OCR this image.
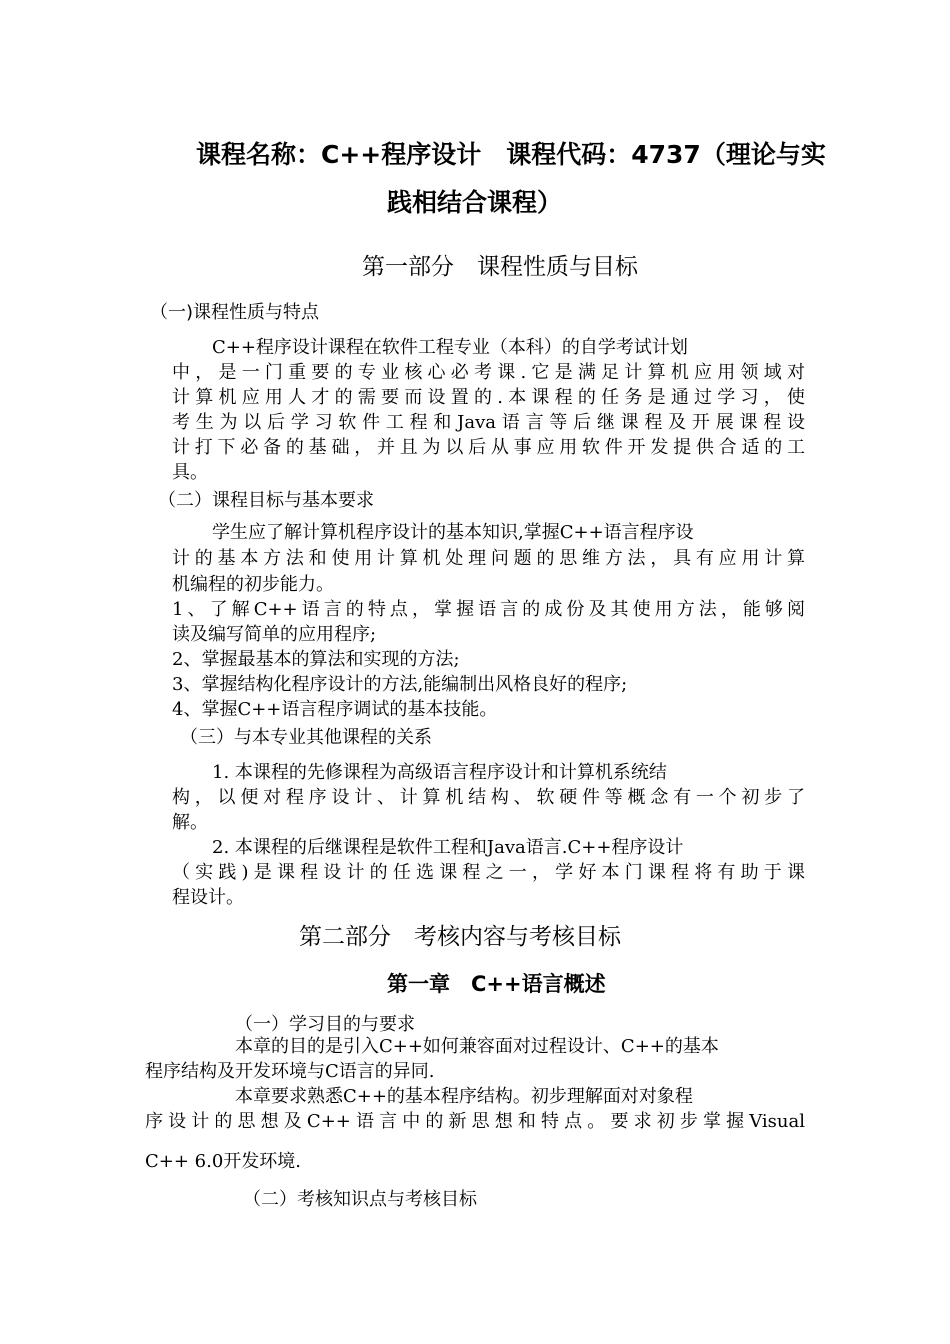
课程名称：C++程序设计　课程代码：4737（理论与实

践相结合课程）

第一部分　课程性质与目标

（一)课程性质与特点

C++程序设计课程在软件工程专业（本科）的自学考试计划

中，是一门重要的专业核心必考课.它是满足计算机应用领域对

计算机应用人才的需要而设置的.本课程的任务是通过学习，使

考生为以后学习软件工程和Java语言等后继课程及开展课程设

计打下必备的基础，并且为以后从事应用软件开发提供合适的工

具。

（二）课程目标与基本要求

学生应了解计算机程序设计的基本知识,掌握C++语言程序设

计的基本方法和使用计算机处理问题的思维方法，具有应用计算

机编程的初步能力。

1、了解C++语言的特点，掌握语言的成份及其使用方法，能够阅

读及编写简单的应用程序;

2、掌握最基本的算法和实现的方法;

3、掌握结构化程序设计的方法,能编制出风格良好的程序;

4、掌握C++语言程序调试的基本技能。

（三）与本专业其他课程的关系

1. 本课程的先修课程为高级语言程序设计和计算机系统结

构，以便对程序设计、计算机结构、软硬件等概念有一个初步了

解。

2. 本课程的后继课程是软件工程和Java语言.C++程序设计

（实践)是课程设计的任选课程之一，学好本门课程将有助于课

程设计。

第二部分　考核内容与考核目标

第一章　C++语言概述

（一）学习目的与要求

本章的目的是引入C++如何兼容面对过程设计、C++的基本

程序结构及开发环境与C语言的异同.

本章要求熟悉C++的基本程序结构。初步理解面对对象程

序设计的思想及C++语言中的新思想和特点。要求初步掌握Visual

C++ 6.0开发环境.

（二）考核知识点与考核目标
